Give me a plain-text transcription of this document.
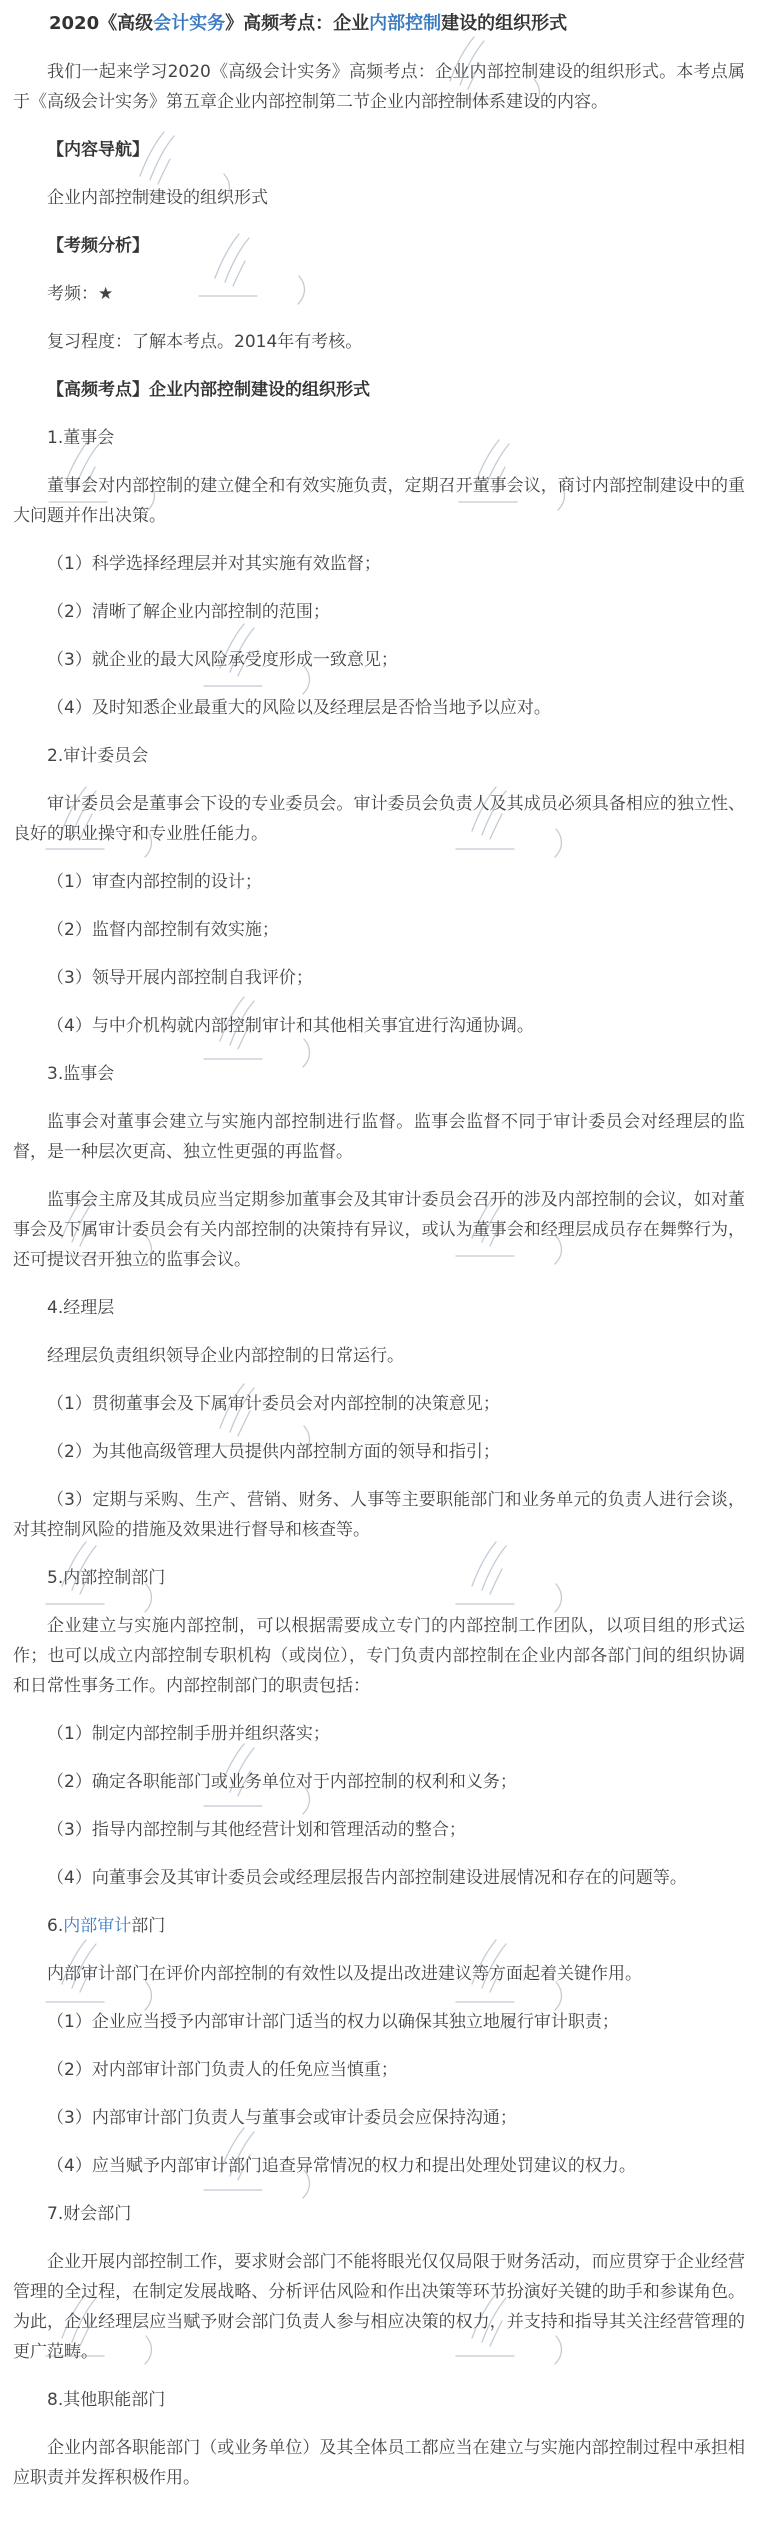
2020《高级会计实务》高频考点：企业内部控制建设的组织形式

我们一起来学习2020《高级会计实务》高频考点：企业内部控制建设的组织形式。本考点属于《高级会计实务》第五章企业内部控制第二节企业内部控制体系建设的内容。

【内容导航】

企业内部控制建设的组织形式

【考频分析】

考频：★

复习程度：了解本考点。2014年有考核。

【高频考点】企业内部控制建设的组织形式

1.董事会

董事会对内部控制的建立健全和有效实施负责，定期召开董事会议，商讨内部控制建设中的重大问题并作出决策。

（1）科学选择经理层并对其实施有效监督；

（2）清晰了解企业内部控制的范围；

（3）就企业的最大风险承受度形成一致意见；

（4）及时知悉企业最重大的风险以及经理层是否恰当地予以应对。

2.审计委员会

审计委员会是董事会下设的专业委员会。审计委员会负责人及其成员必须具备相应的独立性、良好的职业操守和专业胜任能力。

（1）审查内部控制的设计；

（2）监督内部控制有效实施；

（3）领导开展内部控制自我评价；

（4）与中介机构就内部控制审计和其他相关事宜进行沟通协调。

3.监事会

监事会对董事会建立与实施内部控制进行监督。监事会监督不同于审计委员会对经理层的监督，是一种层次更高、独立性更强的再监督。

监事会主席及其成员应当定期参加董事会及其审计委员会召开的涉及内部控制的会议，如对董事会及下属审计委员会有关内部控制的决策持有异议，或认为董事会和经理层成员存在舞弊行为，还可提议召开独立的监事会议。

4.经理层

经理层负责组织领导企业内部控制的日常运行。

（1）贯彻董事会及下属审计委员会对内部控制的决策意见；

（2）为其他高级管理人员提供内部控制方面的领导和指引；

（3）定期与采购、生产、营销、财务、人事等主要职能部门和业务单元的负责人进行会谈，对其控制风险的措施及效果进行督导和核查等。

5.内部控制部门

企业建立与实施内部控制，可以根据需要成立专门的内部控制工作团队，以项目组的形式运作；也可以成立内部控制专职机构（或岗位），专门负责内部控制在企业内部各部门间的组织协调和日常性事务工作。内部控制部门的职责包括：

（1）制定内部控制手册并组织落实；

（2）确定各职能部门或业务单位对于内部控制的权利和义务；

（3）指导内部控制与其他经营计划和管理活动的整合；

（4）向董事会及其审计委员会或经理层报告内部控制建设进展情况和存在的问题等。

6.内部审计部门

内部审计部门在评价内部控制的有效性以及提出改进建议等方面起着关键作用。

（1）企业应当授予内部审计部门适当的权力以确保其独立地履行审计职责；

（2）对内部审计部门负责人的任免应当慎重；

（3）内部审计部门负责人与董事会或审计委员会应保持沟通；

（4）应当赋予内部审计部门追查异常情况的权力和提出处理处罚建议的权力。

7.财会部门

企业开展内部控制工作，要求财会部门不能将眼光仅仅局限于财务活动，而应贯穿于企业经营管理的全过程，在制定发展战略、分析评估风险和作出决策等环节扮演好关键的助手和参谋角色。为此，企业经理层应当赋予财会部门负责人参与相应决策的权力，并支持和指导其关注经营管理的更广范畴。

8.其他职能部门

企业内部各职能部门（或业务单位）及其全体员工都应当在建立与实施内部控制过程中承担相应职责并发挥积极作用。
